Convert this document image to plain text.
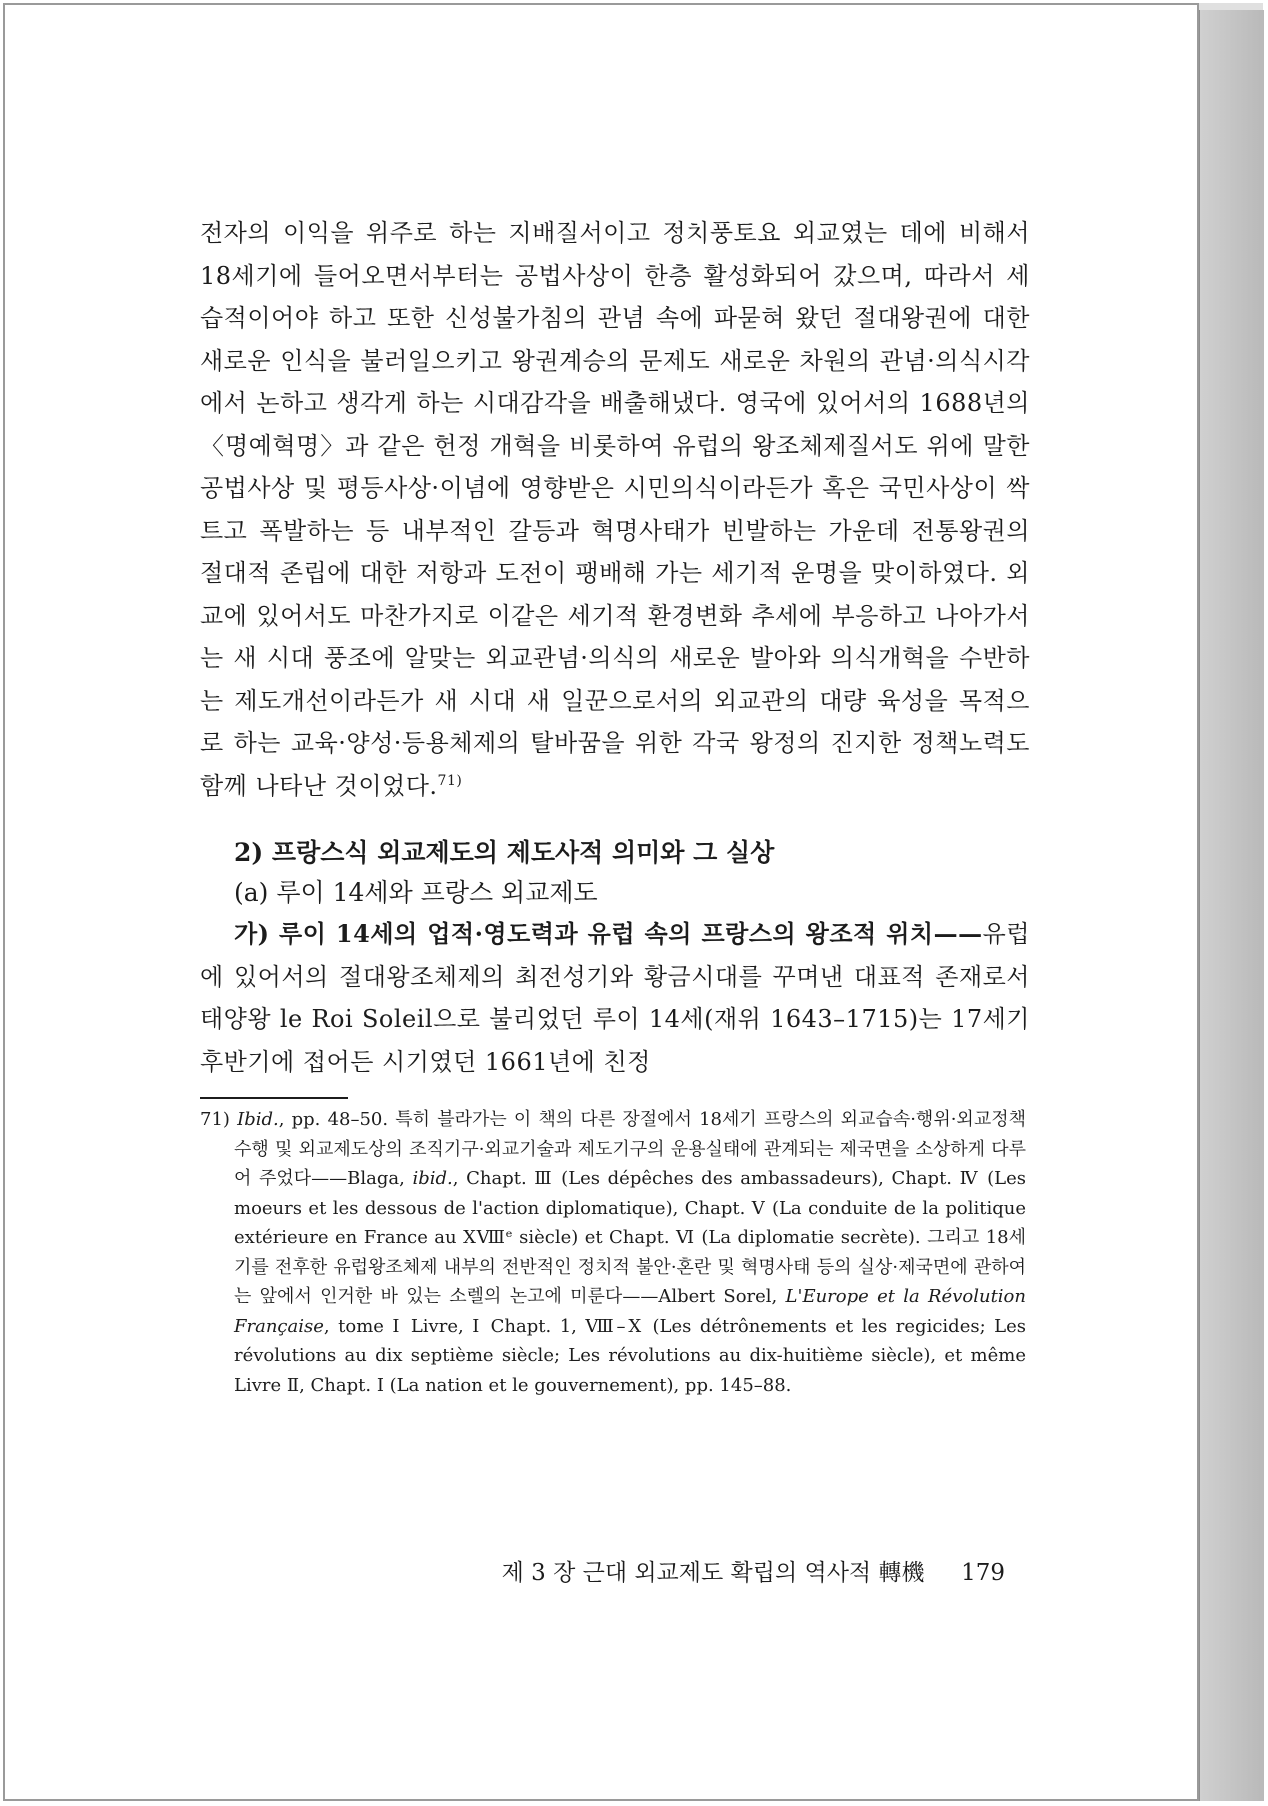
전자의 이익을 위주로 하는 지배질서이고 정치풍토요 외교였는 데에 비해서 18세기에 들어오면서부터는 공법사상이 한층 활성화되어 갔으며, 따라서 세습적이어야 하고 또한 신성불가침의 관념 속에 파묻혀 왔던 절대왕권에 대한 새로운 인식을 불러일으키고 왕권계승의 문제도 새로운 차원의 관념·의식시각에서 논하고 생각게 하는 시대감각을 배출해냈다. 영국에 있어서의 1688년의 〈명예혁명〉과 같은 헌정 개혁을 비롯하여 유럽의 왕조체제질서도 위에 말한 공법사상 및 평등사상·이념에 영향받은 시민의식이라든가 혹은 국민사상이 싹트고 폭발하는 등 내부적인 갈등과 혁명사태가 빈발하는 가운데 전통왕권의 절대적 존립에 대한 저항과 도전이 팽배해 가는 세기적 운명을 맞이하였다. 외교에 있어서도 마찬가지로 이같은 세기적 환경변화 추세에 부응하고 나아가서는 새 시대 풍조에 알맞는 외교관념·의식의 새로운 발아와 의식개혁을 수반하는 제도개선이라든가 새 시대 새 일꾼으로서의 외교관의 대량 육성을 목적으로 하는 교육·양성·등용체제의 탈바꿈을 위한 각국 왕정의 진지한 정책노력도 함께 나타난 것이었다.$^{71)}$

2) 프랑스식 외교제도의 제도사적 의미와 그 실상

(a) 루이 14세와 프랑스 외교제도

가) 루이 14세의 업적·영도력과 유럽 속의 프랑스의 왕조적 위치——유럽에 있어서의 절대왕조체제의 최전성기와 황금시대를 꾸며낸 대표적 존재로서 태양왕 le Roi Soleil으로 불리었던 루이 14세(재위 1643–1715)는 17세기 후반기에 접어든 시기였던 1661년에 친정

71) Ibid., pp. 48–50. 특히 블라가는 이 책의 다른 장절에서 18세기 프랑스의 외교습속·행위·외교정책 수행 및 외교제도상의 조직기구·외교기술과 제도기구의 운용실태에 관계되는 제국면을 소상하게 다루어 주었다——Blaga, ibid., Chapt. Ⅲ (Les dépêches des ambassadeurs), Chapt. Ⅳ (Les moeurs et les dessous de l'action diplomatique), Chapt. Ⅴ (La conduite de la politique extérieure en France au XⅧᵉ siècle) et Chapt. Ⅵ (La diplomatie secrète). 그리고 18세기를 전후한 유럽왕조체제 내부의 전반적인 정치적 불안·혼란 및 혁명사태 등의 실상·제국면에 관하여는 앞에서 인거한 바 있는 소렐의 논고에 미룬다——Albert Sorel, L'Europe et la Révolution Française, tome Ⅰ Livre, Ⅰ Chapt. 1, Ⅷ–Ⅹ (Les détrônements et les regicides; Les révolutions au dix septième siècle; Les révolutions au dix-huitième siècle), et même Livre Ⅱ, Chapt. Ⅰ (La nation et le gouvernement), pp. 145–88.

제 3 장 근대 외교제도 확립의 역사적 轉機 179
